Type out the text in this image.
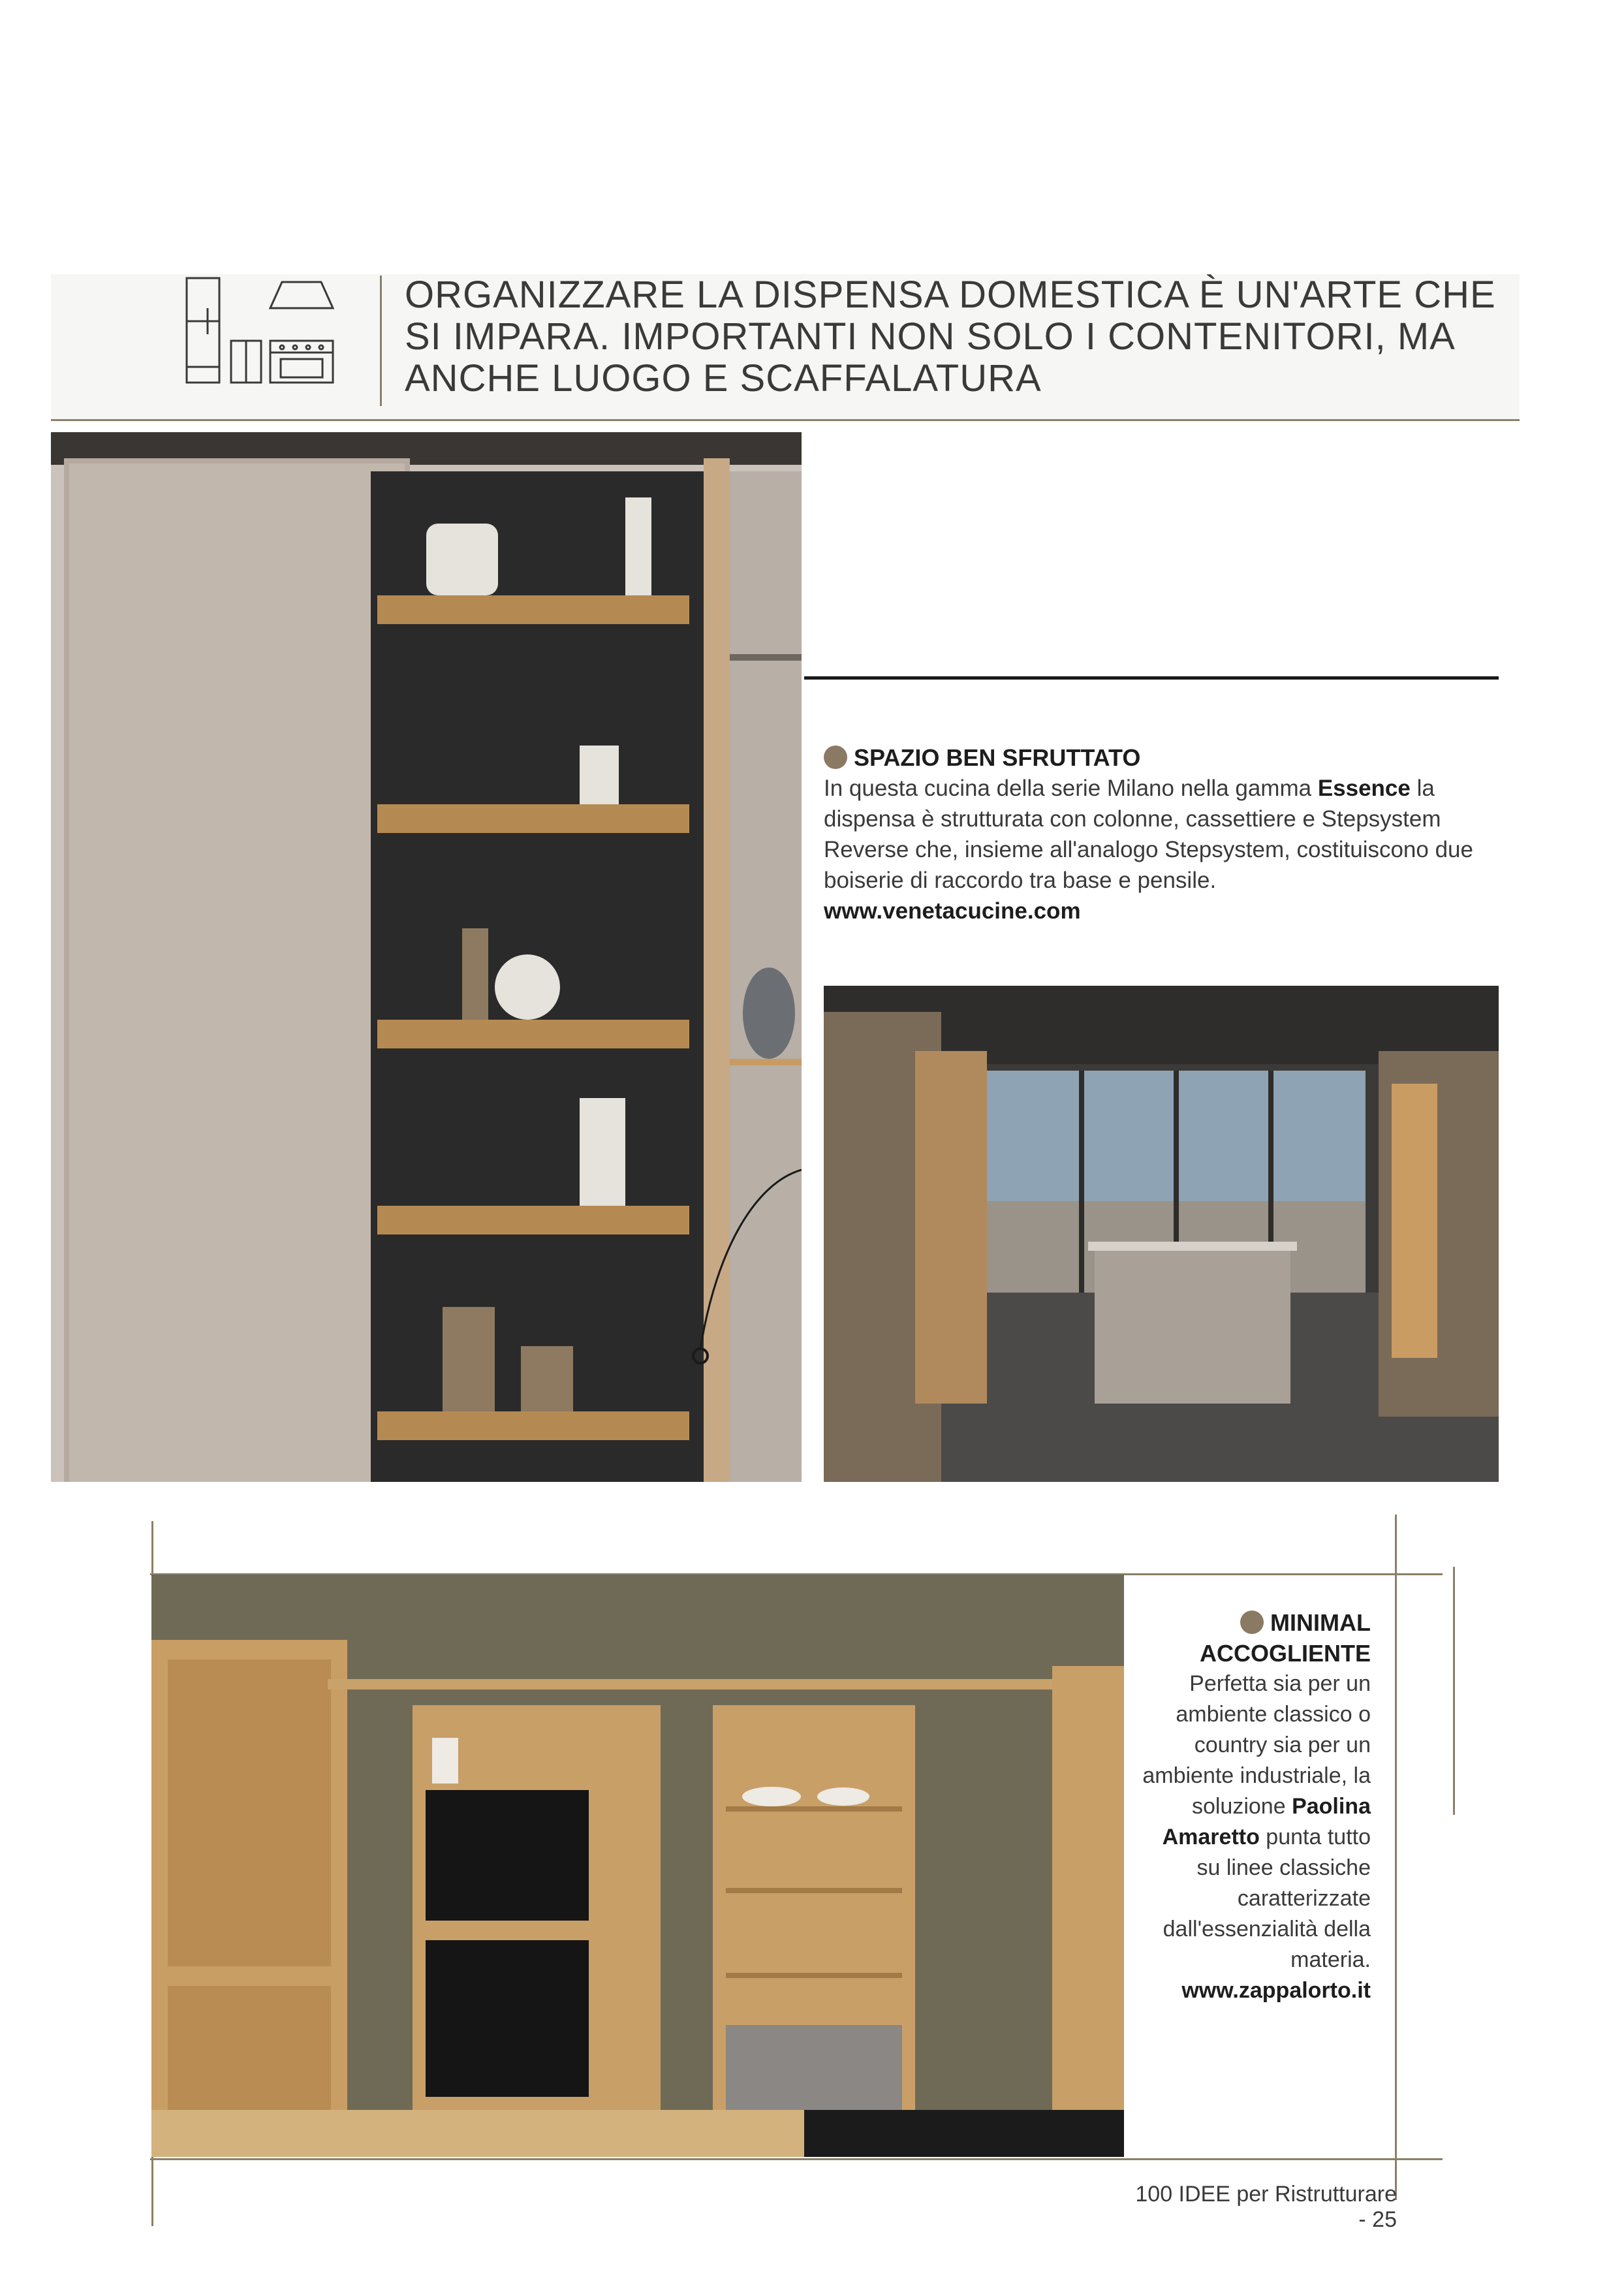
ORGANIZZARE LA DISPENSA DOMESTICA È UN'ARTE CHE SI IMPARA. IMPORTANTI NON SOLO I CONTENITORI, MA ANCHE LUOGO E SCAFFALATURA
SPAZIO BEN SFRUTTATO
In questa cucina della serie Milano nella gamma Essence la dispensa è strutturata con colonne, cassettiere e Stepsystem Reverse che, insieme all'analogo Stepsystem, costituiscono due boiserie di raccordo tra base e pensile.
www.venetacucine.com
MINIMAL
ACCOGLIENTE
Perfetta sia per un ambiente classico o country sia per un ambiente industriale, la soluzione Paolina Amaretto punta tutto su linee classiche caratterizzate dall'essenzialità della materia.
www.zappalorto.it
100 IDEE per Ristrutturare - 25
